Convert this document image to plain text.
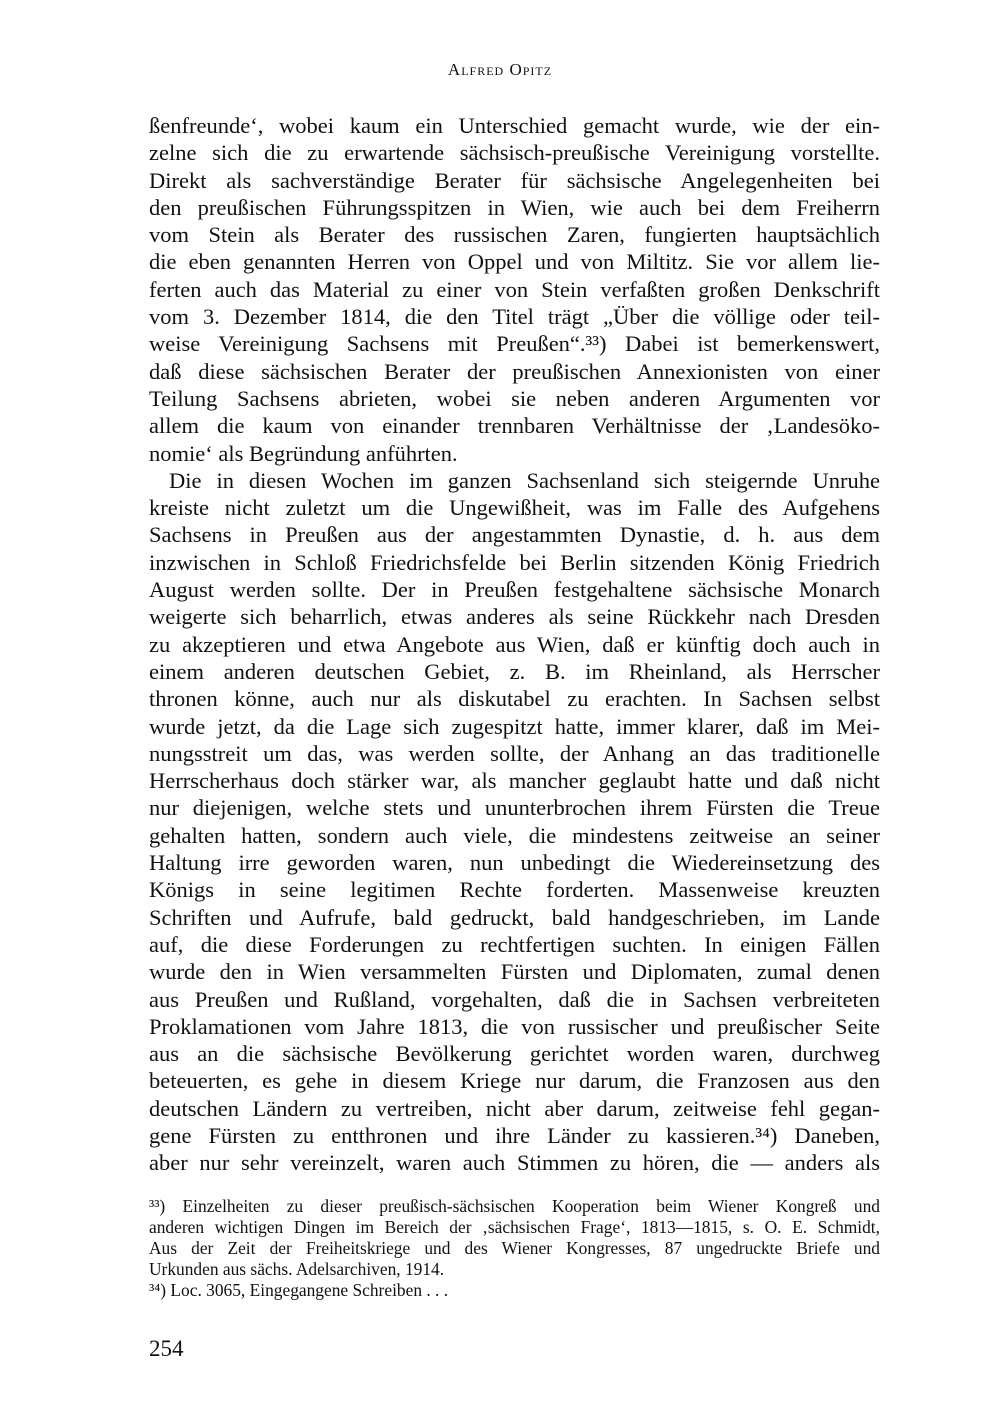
Alfred Opitz
ßenfreunde‘, wobei kaum ein Unterschied gemacht wurde, wie der ein-
zelne sich die zu erwartende sächsisch-preußische Vereinigung vorstellte.
Direkt als sachverständige Berater für sächsische Angelegenheiten bei
den preußischen Führungsspitzen in Wien, wie auch bei dem Freiherrn
vom Stein als Berater des russischen Zaren, fungierten hauptsächlich
die eben genannten Herren von Oppel und von Miltitz. Sie vor allem lie-
ferten auch das Material zu einer von Stein verfaßten großen Denkschrift
vom 3. Dezember 1814, die den Titel trägt „Über die völlige oder teil-
weise Vereinigung Sachsens mit Preußen“.³³) Dabei ist bemerkenswert,
daß diese sächsischen Berater der preußischen Annexionisten von einer
Teilung Sachsens abrieten, wobei sie neben anderen Argumenten vor
allem die kaum von einander trennbaren Verhältnisse der ‚Landesöko-
nomie‘ als Begründung anführten.
Die in diesen Wochen im ganzen Sachsenland sich steigernde Unruhe
kreiste nicht zuletzt um die Ungewißheit, was im Falle des Aufgehens
Sachsens in Preußen aus der angestammten Dynastie, d. h. aus dem
inzwischen in Schloß Friedrichsfelde bei Berlin sitzenden König Friedrich
August werden sollte. Der in Preußen festgehaltene sächsische Monarch
weigerte sich beharrlich, etwas anderes als seine Rückkehr nach Dresden
zu akzeptieren und etwa Angebote aus Wien, daß er künftig doch auch in
einem anderen deutschen Gebiet, z. B. im Rheinland, als Herrscher
thronen könne, auch nur als diskutabel zu erachten. In Sachsen selbst
wurde jetzt, da die Lage sich zugespitzt hatte, immer klarer, daß im Mei-
nungsstreit um das, was werden sollte, der Anhang an das traditionelle
Herrscherhaus doch stärker war, als mancher geglaubt hatte und daß nicht
nur diejenigen, welche stets und ununterbrochen ihrem Fürsten die Treue
gehalten hatten, sondern auch viele, die mindestens zeitweise an seiner
Haltung irre geworden waren, nun unbedingt die Wiedereinsetzung des
Königs in seine legitimen Rechte forderten. Massenweise kreuzten
Schriften und Aufrufe, bald gedruckt, bald handgeschrieben, im Lande
auf, die diese Forderungen zu rechtfertigen suchten. In einigen Fällen
wurde den in Wien versammelten Fürsten und Diplomaten, zumal denen
aus Preußen und Rußland, vorgehalten, daß die in Sachsen verbreiteten
Proklamationen vom Jahre 1813, die von russischer und preußischer Seite
aus an die sächsische Bevölkerung gerichtet worden waren, durchweg
beteuerten, es gehe in diesem Kriege nur darum, die Franzosen aus den
deutschen Ländern zu vertreiben, nicht aber darum, zeitweise fehl gegan-
gene Fürsten zu entthronen und ihre Länder zu kassieren.³⁴) Daneben,
aber nur sehr vereinzelt, waren auch Stimmen zu hören, die — anders als
³³) Einzelheiten zu dieser preußisch-sächsischen Kooperation beim Wiener Kongreß und
anderen wichtigen Dingen im Bereich der ‚sächsischen Frage‘, 1813—1815, s. O. E. Schmidt,
Aus der Zeit der Freiheitskriege und des Wiener Kongresses, 87 ungedruckte Briefe und
Urkunden aus sächs. Adelsarchiven, 1914.
³⁴) Loc. 3065, Eingegangene Schreiben . . .
254
